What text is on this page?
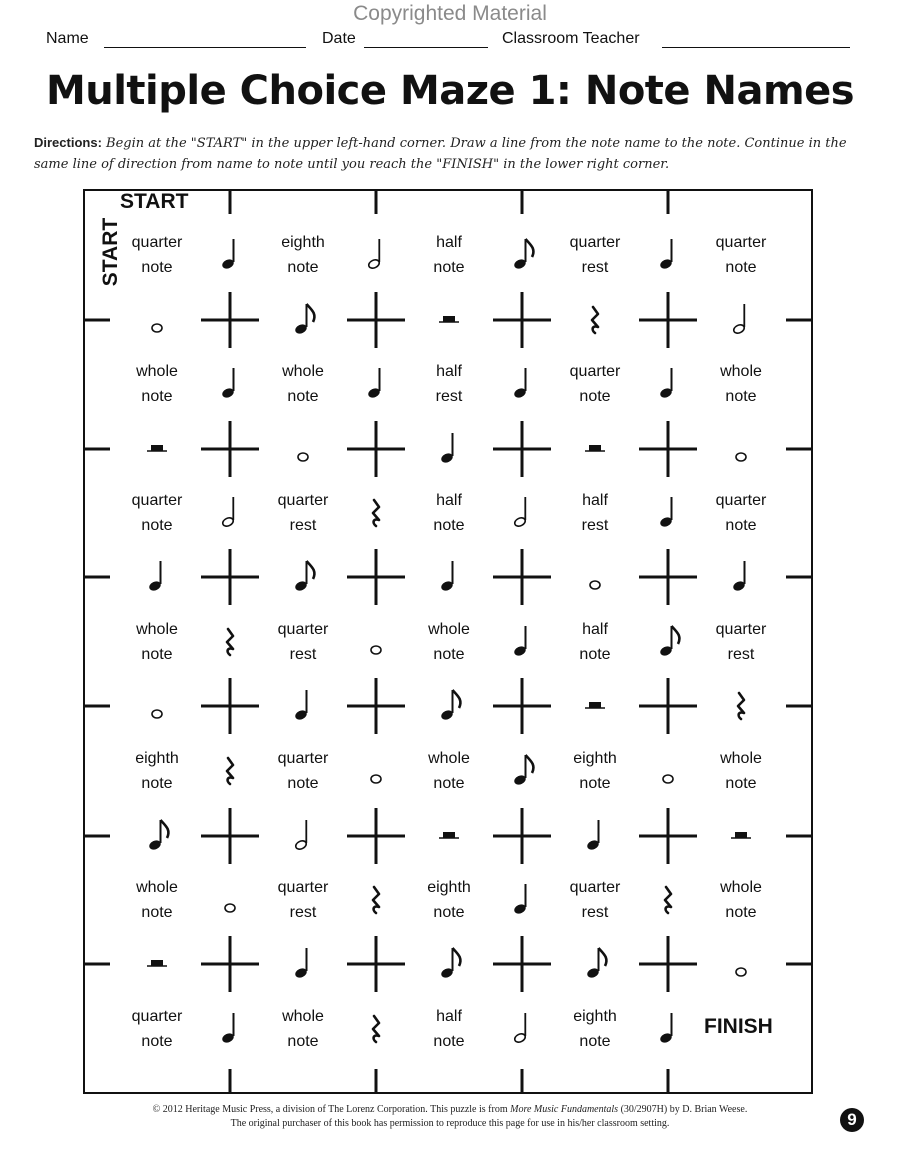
Copyrighted Material
Name	Date	Classroom Teacher
Multiple Choice Maze 1: Note Names
Directions: Begin at the "START" in the upper left-hand corner. Draw a line from the note name to the note. Continue in the same line of direction from name to note until you reach the "FINISH" in the lower right corner.
quarter
note
eighth
note
half
note
quarter
rest
quarter
note
whole
note
whole
note
half
rest
quarter
note
whole
note
quarter
note
quarter
rest
half
note
half
rest
quarter
note
whole
note
quarter
rest
whole
note
half
note
quarter
rest
eighth
note
quarter
note
whole
note
eighth
note
whole
note
whole
note
quarter
rest
eighth
note
quarter
rest
whole
note
quarter
note
whole
note
half
note
eighth
note
START
START
FINISH
© 2012 Heritage Music Press, a division of The Lorenz Corporation. This puzzle is from More Music Fundamentals (30/2907H) by D. Brian Weese.
The original purchaser of this book has permission to reproduce this page for use in his/her classroom setting.	9
